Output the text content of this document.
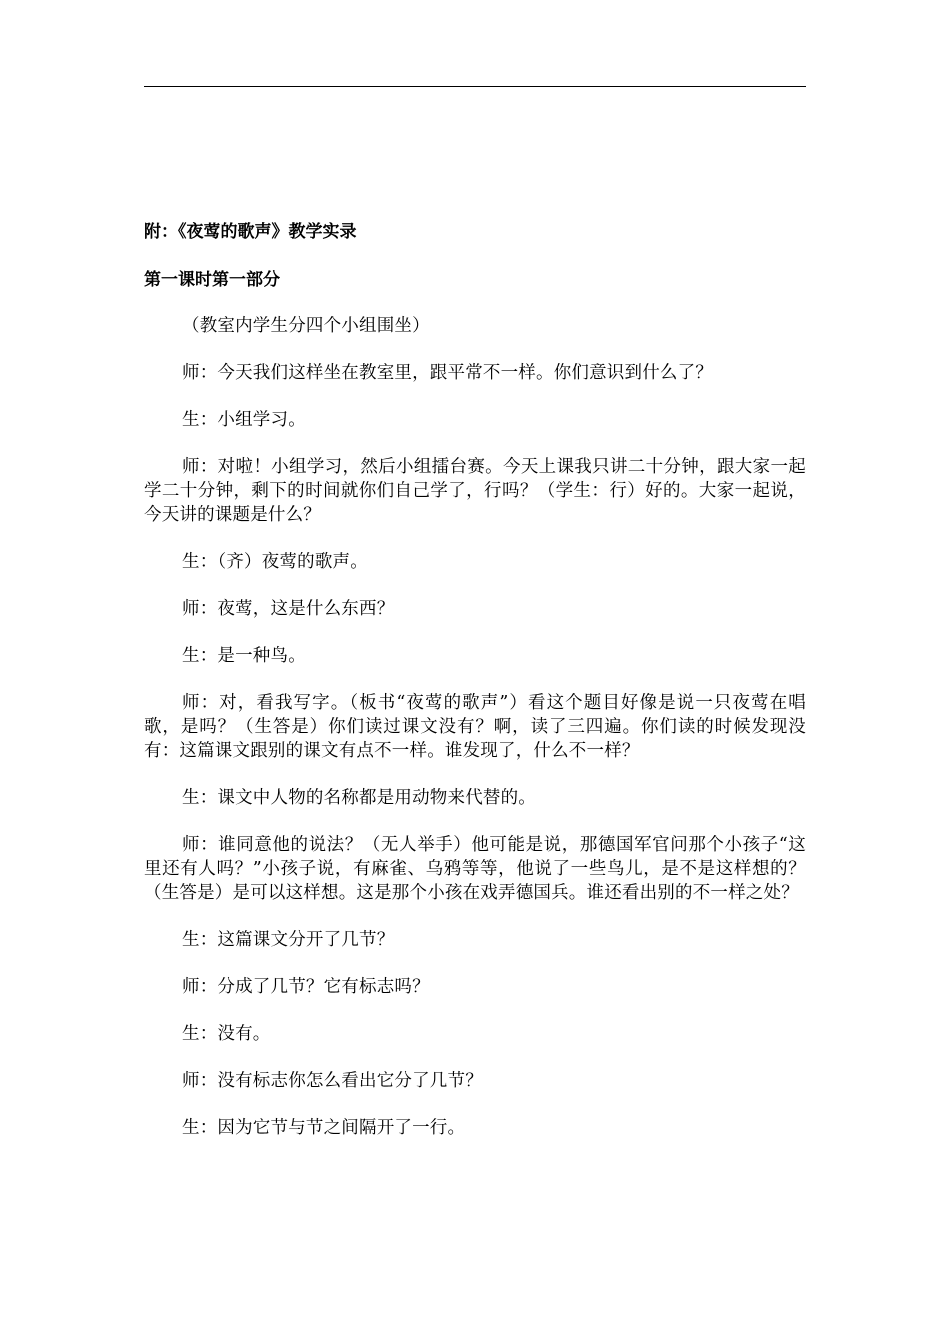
附：《夜莺的歌声》教学实录
第一课时第一部分

（教室内学生分四个小组围坐）

师：今天我们这样坐在教室里，跟平常不一样。你们意识到什么了？

生：小组学习。

师：对啦！小组学习，然后小组擂台赛。今天上课我只讲二十分钟，跟大家一起学二十分钟，剩下的时间就你们自己学了，行吗？（学生：行）好的。大家一起说，今天讲的课题是什么？

生：（齐）夜莺的歌声。

师：夜莺，这是什么东西？

生：是一种鸟。

师：对，看我写字。（板书“夜莺的歌声”）看这个题目好像是说一只夜莺在唱歌，是吗？（生答是）你们读过课文没有？啊，读了三四遍。你们读的时候发现没有：这篇课文跟别的课文有点不一样。谁发现了，什么不一样？

生：课文中人物的名称都是用动物来代替的。

师：谁同意他的说法？（无人举手）他可能是说，那德国军官问那个小孩子“这里还有人吗？”小孩子说，有麻雀、乌鸦等等，他说了一些鸟儿，是不是这样想的？（生答是）是可以这样想。这是那个小孩在戏弄德国兵。谁还看出别的不一样之处？

生：这篇课文分开了几节？

师：分成了几节？它有标志吗？

生：没有。

师：没有标志你怎么看出它分了几节？

生：因为它节与节之间隔开了一行。
